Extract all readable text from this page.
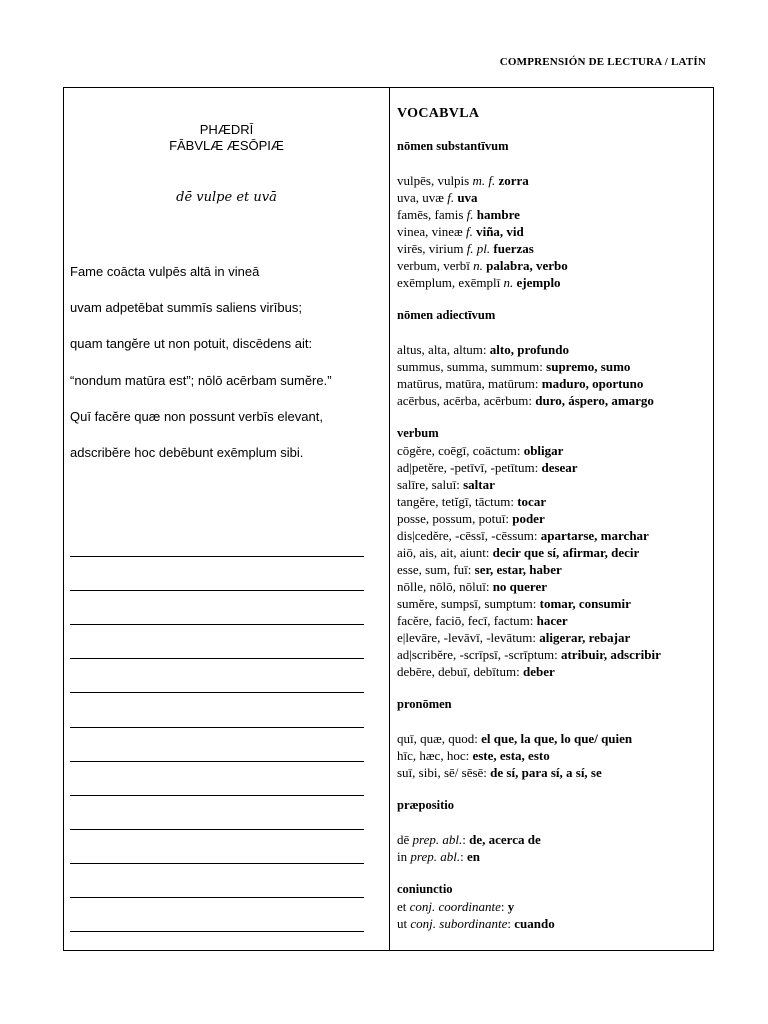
COMPRENSIÓN DE LECTURA / LATÍN
PHÆDRĪ
FĀBVLÆ ÆSŌPIÆ
dē vulpe et uvā
Fame coācta vulpēs altā in vineā
uvam adpetēbat summīs saliens virībus;
quam tangĕre ut non potuit, discēdens ait:
“nondum matūra est”; nōlō acērbam sumĕre.”
Quī facĕre quæ non possunt verbīs elevant,
adscribĕre hoc debēbunt exēmplum sibi.
VOCABVLA
nōmen substantīvum
vulpēs, vulpis m. f. zorra
uva, uvæ f. uva
famēs, famis f. hambre
vinea, vineæ f. viña, vid
virēs, virium f. pl. fuerzas
verbum, verbī n. palabra, verbo
exēmplum, exēmplī n. ejemplo
nōmen adiectīvum
altus, alta, altum: alto, profundo
summus, summa, summum: supremo, sumo
matūrus, matūra, matūrum: maduro, oportuno
acērbus, acērba, acērbum: duro, áspero, amargo
verbum
cōgĕre, coēgī, coāctum: obligar
ad|petĕre, -petīvī, -petītum: desear
salīre, saluī: saltar
tangĕre, tetĭgī, tāctum: tocar
posse, possum, potuī: poder
dis|cedĕre, -cēssī, -cēssum: apartarse, marchar
aiō, ais, ait, aiunt: decir que sí, afirmar, decir
esse, sum, fuī: ser, estar, haber
nōlle, nōlō, nōluī: no querer
sumĕre, sumpsī, sumptum: tomar, consumir
facĕre, faciō, fecī, factum: hacer
e|levāre, -levāvī, -levātum: aligerar, rebajar
ad|scribĕre, -scrīpsī, -scrīptum: atribuir, adscribir
debēre, debuī, debītum: deber
pronōmen
quī, quæ, quod: el que, la que, lo que/ quien
hīc, hæc, hoc: este, esta, esto
suī, sibi, sē/ sēsē: de sí, para sí, a sí, se
præpositio
dē prep. abl.: de, acerca de
in prep. abl.: en
coniunctio
et conj. coordinante: y
ut conj. subordinante: cuando
